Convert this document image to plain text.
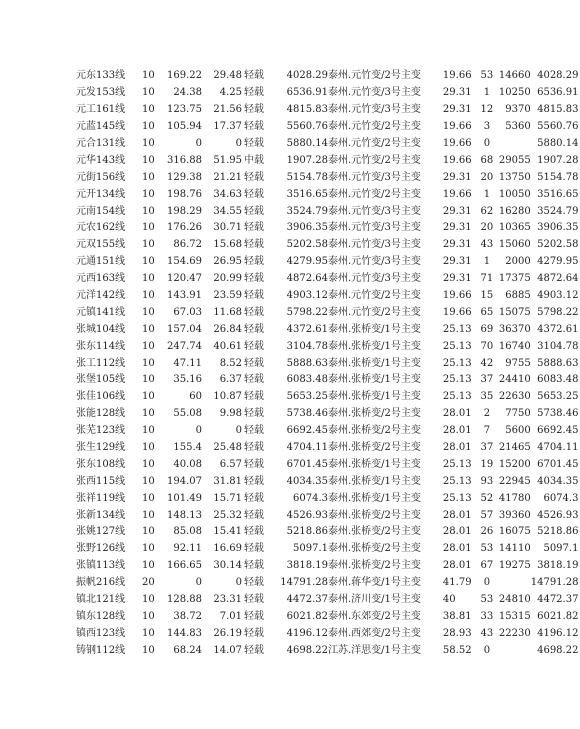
元东133线	10	169.22	29.48	轻载	4028.29	泰州.元竹变/2号主变	19.66	53	14660	4028.29
元发153线	10	24.38	4.25	轻载	6536.91	泰州.元竹变/3号主变	29.31	1	10250	6536.91
元工161线	10	123.75	21.56	轻载	4815.83	泰州.元竹变/3号主变	29.31	12	9370	4815.83
元蓝145线	10	105.94	17.37	轻载	5560.76	泰州.元竹变/2号主变	19.66	3	5360	5560.76
元合131线	10	0	0	轻载	5880.14	泰州.元竹变/2号主变	19.66	0		5880.14
元华143线	10	316.88	51.95	中载	1907.28	泰州.元竹变/2号主变	19.66	68	29055	1907.28
元街156线	10	129.38	21.21	轻载	5154.78	泰州.元竹变/3号主变	29.31	20	13750	5154.78
元开134线	10	198.76	34.63	轻载	3516.65	泰州.元竹变/2号主变	19.66	1	10050	3516.65
元南154线	10	198.29	34.55	轻载	3524.79	泰州.元竹变/3号主变	29.31	62	16280	3524.79
元农162线	10	176.26	30.71	轻载	3906.35	泰州.元竹变/3号主变	29.31	20	10365	3906.35
元双155线	10	86.72	15.68	轻载	5202.58	泰州.元竹变/3号主变	29.31	43	15060	5202.58
元通151线	10	154.69	26.95	轻载	4279.95	泰州.元竹变/3号主变	29.31	1	2000	4279.95
元西163线	10	120.47	20.99	轻载	4872.64	泰州.元竹变/3号主变	29.31	71	17375	4872.64
元洋142线	10	143.91	23.59	轻载	4903.12	泰州.元竹变/2号主变	19.66	15	6885	4903.12
元镇141线	10	67.03	11.68	轻载	5798.22	泰州.元竹变/2号主变	19.66	65	15075	5798.22
张城104线	10	157.04	26.84	轻载	4372.61	泰州.张桥变/1号主变	25.13	69	36370	4372.61
张东114线	10	247.74	40.61	轻载	3104.78	泰州.张桥变/1号主变	25.13	70	16740	3104.78
张工112线	10	47.11	8.52	轻载	5888.63	泰州.张桥变/1号主变	25.13	42	9755	5888.63
张堡105线	10	35.16	6.37	轻载	6083.48	泰州.张桥变/1号主变	25.13	37	24410	6083.48
张佳106线	10	60	10.87	轻载	5653.25	泰州.张桥变/1号主变	25.13	35	22630	5653.25
张能128线	10	55.08	9.98	轻载	5738.46	泰州.张桥变/2号主变	28.01	2	7750	5738.46
张芜123线	10	0	0	轻载	6692.45	泰州.张桥变/2号主变	28.01	7	5600	6692.45
张生129线	10	155.4	25.48	轻载	4704.11	泰州.张桥变/2号主变	28.01	37	21465	4704.11
张东108线	10	40.08	6.57	轻载	6701.45	泰州.张桥变/1号主变	25.13	19	15200	6701.45
张西115线	10	194.07	31.81	轻载	4034.35	泰州.张桥变/1号主变	25.13	93	22945	4034.35
张祥119线	10	101.49	15.71	轻载	6074.3	泰州.张桥变/1号主变	25.13	52	41780	6074.3
张新134线	10	148.13	25.32	轻载	4526.93	泰州.张桥变/2号主变	28.01	57	39360	4526.93
张姚127线	10	85.08	15.41	轻载	5218.86	泰州.张桥变/2号主变	28.01	26	16075	5218.86
张野126线	10	92.11	16.69	轻载	5097.1	泰州.张桥变/2号主变	28.01	53	14110	5097.1
张镇113线	10	166.65	30.14	轻载	3818.19	泰州.张桥变/2号主变	28.01	67	19275	3818.19
振帆216线	20	0	0	轻载	14791.28	泰州.蒋华变/1号主变	41.79	0		14791.28
镇北121线	10	128.88	23.31	轻载	4472.37	泰州.济川变/1号主变	40	53	24810	4472.37
镇东128线	10	38.72	7.01	轻载	6021.82	泰州.东郊变/2号主变	38.81	33	15315	6021.82
镇西123线	10	144.83	26.19	轻载	4196.12	泰州.西郊变/2号主变	28.93	43	22230	4196.12
铸钢112线	10	68.24	14.07	轻载	4698.22	江苏.洋思变/1号主变	58.52	0		4698.22
